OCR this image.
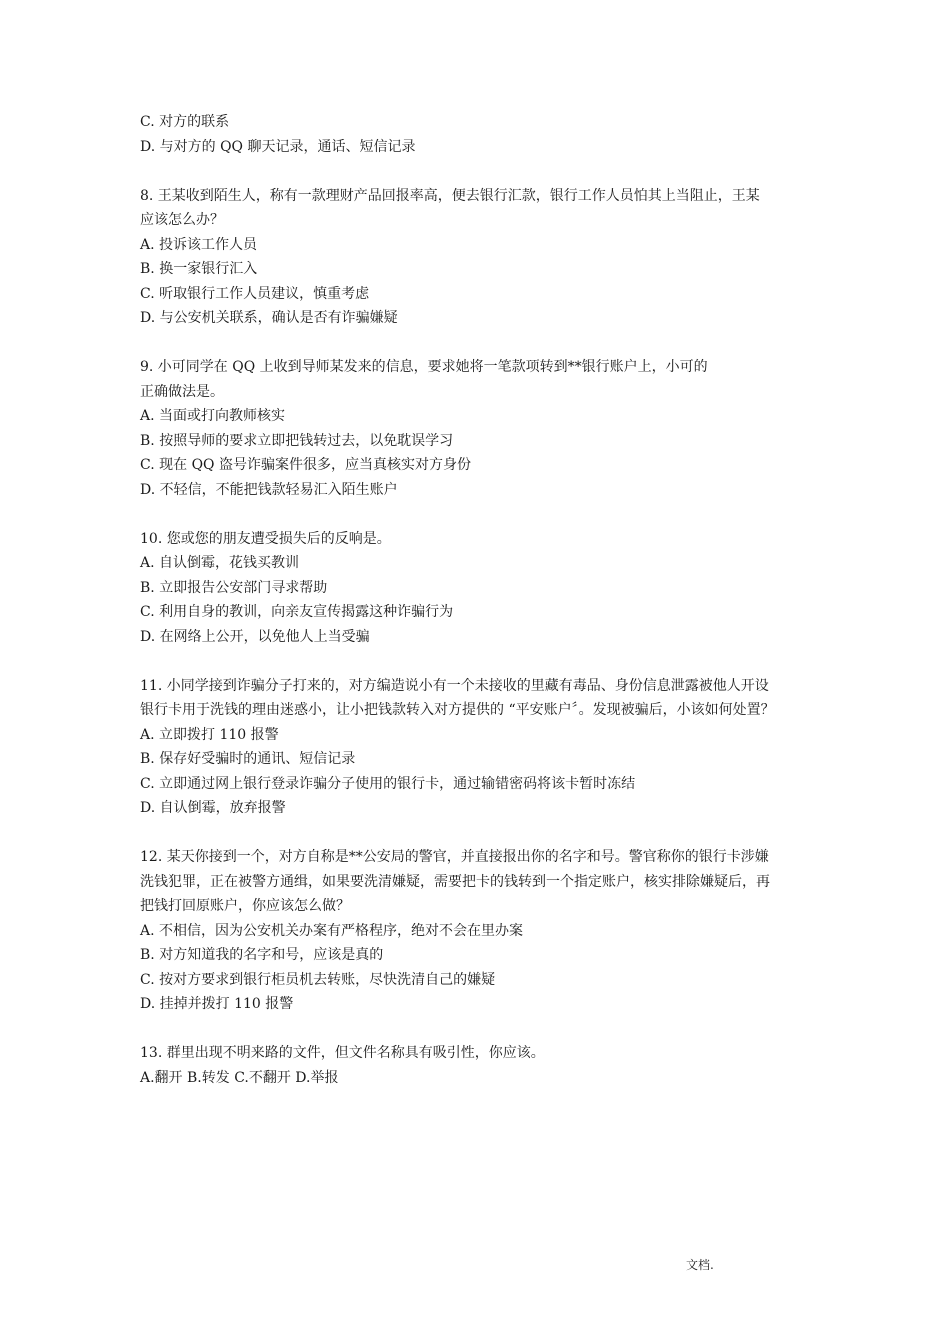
C. 对方的联系
D. 与对方的 QQ 聊天记录，通话、短信记录
8. 王某收到陌生人，称有一款理财产品回报率高，便去银行汇款，银行工作人员怕其上当阻止，王某
应该怎么办？
A. 投诉该工作人员
B. 换一家银行汇入
C. 听取银行工作人员建议，慎重考虑
D. 与公安机关联系，确认是否有诈骗嫌疑
9. 小可同学在 QQ 上收到导师某发来的信息，要求她将一笔款项转到**银行账户上，小可的
正确做法是。
A. 当面或打向教师核实
B. 按照导师的要求立即把钱转过去，以免耽误学习
C. 现在 QQ 盗号诈骗案件很多，应当真核实对方身份
D. 不轻信，不能把钱款轻易汇入陌生账户
10. 您或您的朋友遭受损失后的反响是。
A. 自认倒霉，花钱买教训
B. 立即报告公安部门寻求帮助
C. 利用自身的教训，向亲友宣传揭露这种诈骗行为
D. 在网络上公开，以免他人上当受骗
11. 小同学接到诈骗分子打来的，对方编造说小有一个未接收的里藏有毒品、身份信息泄露被他人开设
银行卡用于洗钱的理由迷惑小，让小把钱款转入对方提供的 “平安账户〞。发现被骗后，小该如何处置？
A. 立即拨打 110 报警
B. 保存好受骗时的通讯、短信记录
C. 立即通过网上银行登录诈骗分子使用的银行卡，通过输错密码将该卡暂时冻结
D. 自认倒霉，放弃报警
12. 某天你接到一个，对方自称是**公安局的警官，并直接报出你的名字和号。警官称你的银行卡涉嫌
洗钱犯罪，正在被警方通缉，如果要洗清嫌疑，需要把卡的钱转到一个指定账户，核实排除嫌疑后，再
把钱打回原账户，你应该怎么做？
A. 不相信，因为公安机关办案有严格程序，绝对不会在里办案
B. 对方知道我的名字和号，应该是真的
C. 按对方要求到银行柜员机去转账，尽快洗清自己的嫌疑
D. 挂掉并拨打 110 报警
13. 群里出现不明来路的文件，但文件名称具有吸引性，你应该。
A.翻开 B.转发 C.不翻开 D.举报
文档.
